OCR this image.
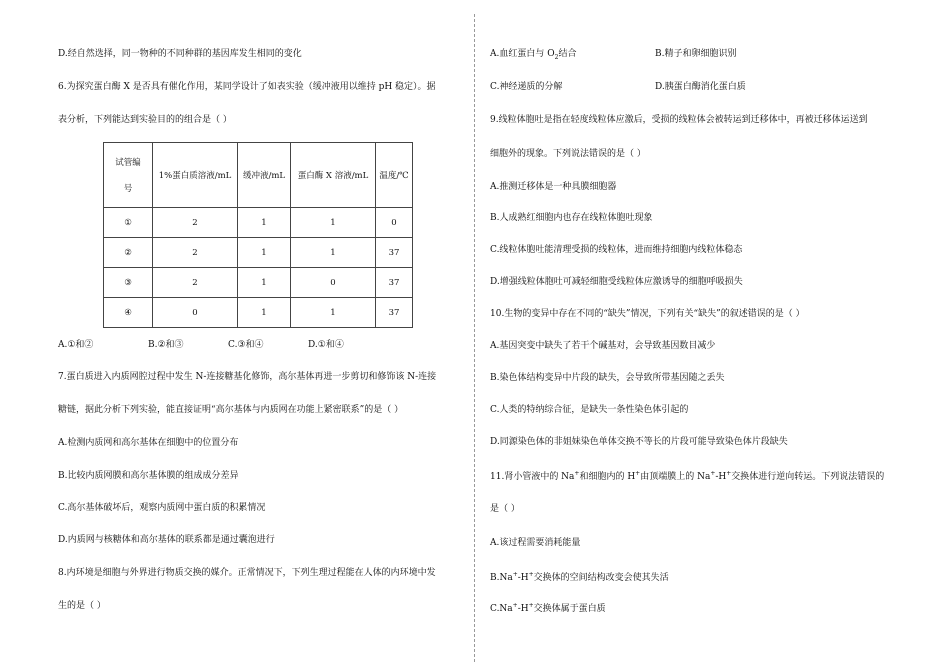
D.经自然选择，同一物种的不同种群的基因库发生相同的变化
6.为探究蛋白酶 X 是否具有催化作用，某同学设计了如表实验（缓冲液用以维持 pH 稳定）。据
表分析，下列能达到实验目的的组合是（ ）
试管编
号	1%蛋白质溶液/mL	缓冲液/mL	蛋白酶 X 溶液/mL	温度/℃
①	2	1	1	0
②	2	1	1	37
③	2	1	0	37
④	0	1	1	37
A.①和②	B.②和③	C.③和④	D.①和④
7.蛋白质进入内质网腔过程中发生 N-连接糖基化修饰，高尔基体再进一步剪切和修饰该 N-连接
糖链，据此分析下列实验，能直接证明“高尔基体与内质网在功能上紧密联系”的是（ ）
A.检测内质网和高尔基体在细胞中的位置分布
B.比较内质网膜和高尔基体膜的组成成分差异
C.高尔基体破坏后，观察内质网中蛋白质的积累情况
D.内质网与核糖体和高尔基体的联系都是通过囊泡进行
8.内环境是细胞与外界进行物质交换的媒介。正常情况下，下列生理过程能在人体的内环境中发
生的是（ ）
A.血红蛋白与 $O_2$结合	B.精子和卵细胞识别
C.神经递质的分解	D.胰蛋白酶消化蛋白质
9.线粒体胞吐是指在轻度线粒体应激后，受损的线粒体会被转运到迁移体中，再被迁移体运送到
细胞外的现象。下列说法错误的是（ ）
A.推测迁移体是一种具膜细胞器
B.人成熟红细胞内也存在线粒体胞吐现象
C.线粒体胞吐能清理受损的线粒体，进而维持细胞内线粒体稳态
D.增强线粒体胞吐可减轻细胞受线粒体应激诱导的细胞呼吸损失
10.生物的变异中存在不同的“缺失”情况，下列有关“缺失”的叙述错误的是（ ）
A.基因突变中缺失了若干个碱基对，会导致基因数目减少
B.染色体结构变异中片段的缺失，会导致所带基因随之丢失
C.人类的特纳综合征，是缺失一条性染色体引起的
D.同源染色体的非姐妹染色单体交换不等长的片段可能导致染色体片段缺失
11.肾小管液中的 Na+和细胞内的 H+由顶端膜上的 Na+-H+交换体进行逆向转运。下列说法错误的
是（ ）
A.该过程需要消耗能量
B.Na+-H+交换体的空间结构改变会使其失活
C.Na+-H+交换体属于蛋白质
